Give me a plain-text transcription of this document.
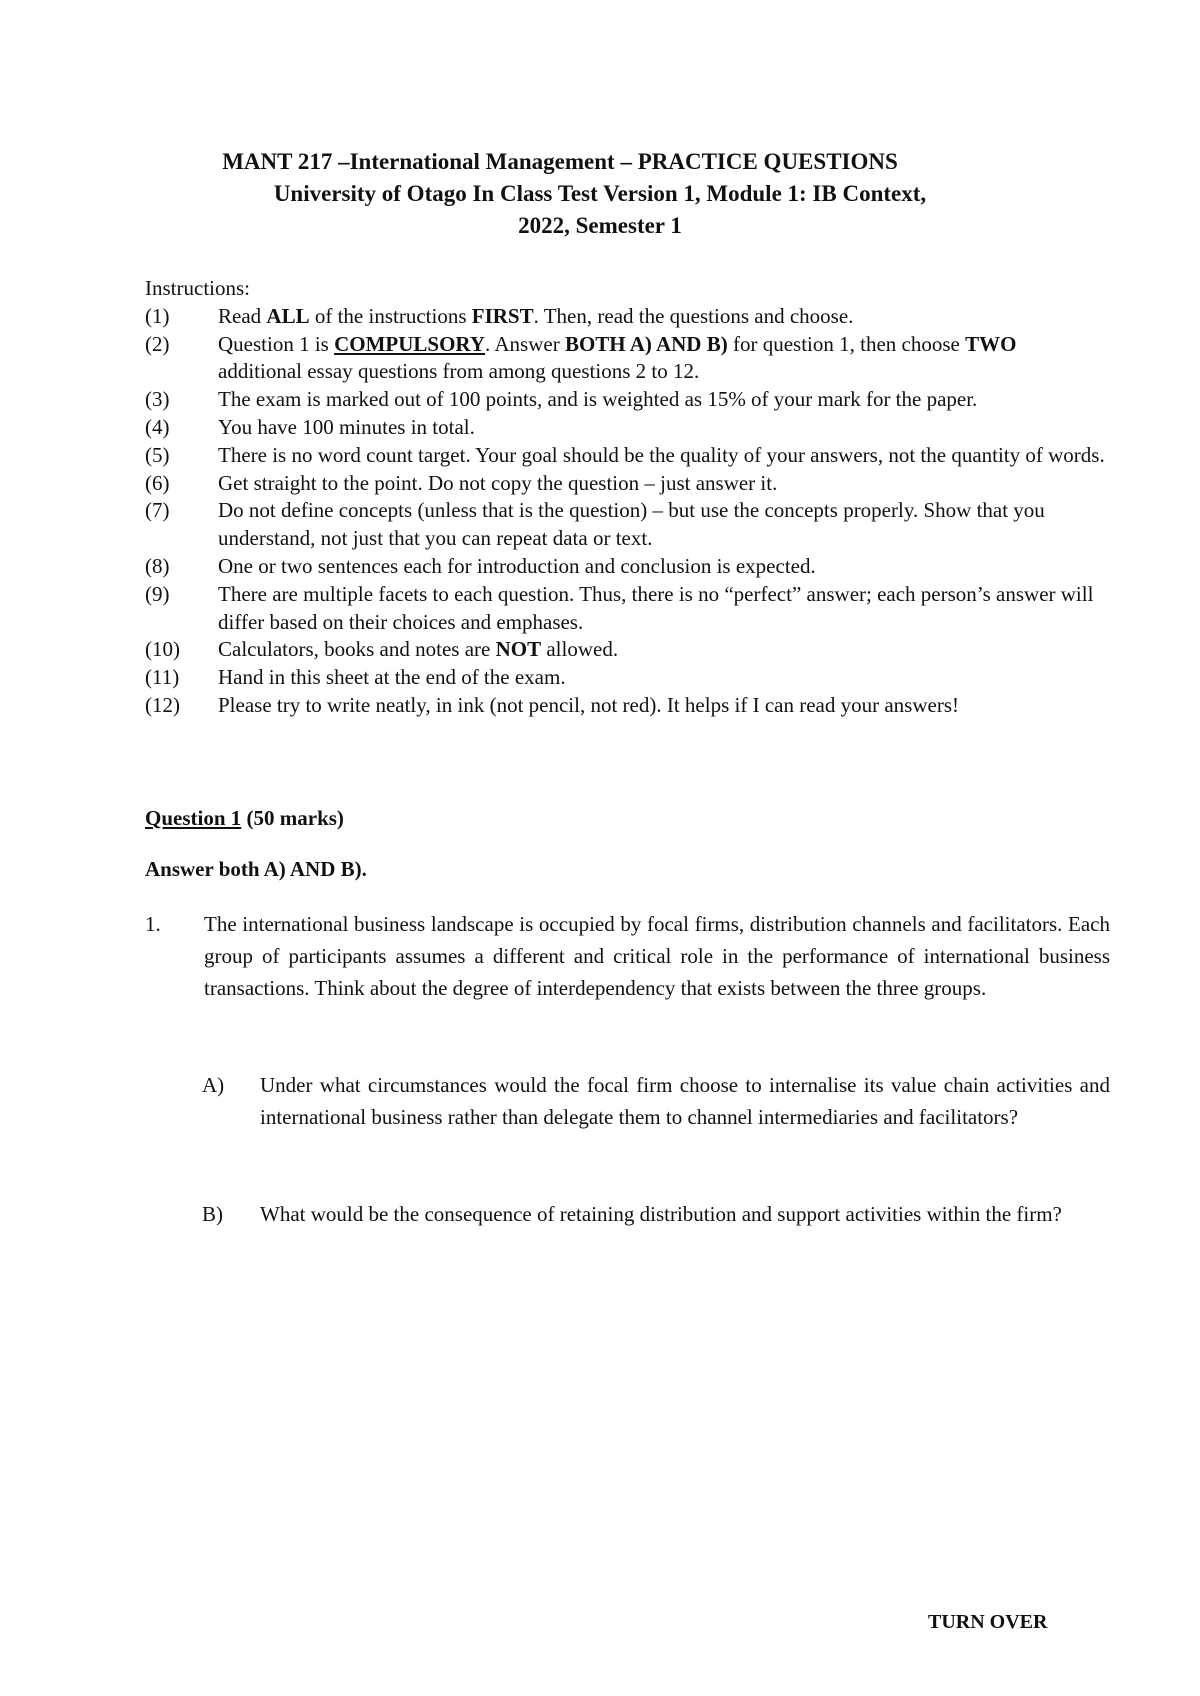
MANT 217 –International Management – PRACTICE QUESTIONS
University of Otago In Class Test Version 1, Module 1: IB Context,
2022, Semester 1
Instructions:
(1)	Read ALL of the instructions FIRST. Then, read the questions and choose.
(2)	Question 1 is COMPULSORY. Answer BOTH A) AND B) for question 1, then choose TWO additional essay questions from among questions 2 to 12.
(3)	The exam is marked out of 100 points, and is weighted as 15% of your mark for the paper.
(4)	You have 100 minutes in total.
(5)	There is no word count target. Your goal should be the quality of your answers, not the quantity of words.
(6)	Get straight to the point. Do not copy the question – just answer it.
(7)	Do not define concepts (unless that is the question) – but use the concepts properly. Show that you understand, not just that you can repeat data or text.
(8)	One or two sentences each for introduction and conclusion is expected.
(9)	There are multiple facets to each question. Thus, there is no “perfect” answer; each person’s answer will differ based on their choices and emphases.
(10)	Calculators, books and notes are NOT allowed.
(11)	Hand in this sheet at the end of the exam.
(12)	Please try to write neatly, in ink (not pencil, not red). It helps if I can read your answers!
Question 1 (50 marks)
Answer both A) AND B).
1.	The international business landscape is occupied by focal firms, distribution channels and facilitators. Each group of participants assumes a different and critical role in the performance of international business transactions. Think about the degree of interdependency that exists between the three groups.
A)	Under what circumstances would the focal firm choose to internalise its value chain activities and international business rather than delegate them to channel intermediaries and facilitators?
B)	What would be the consequence of retaining distribution and support activities within the firm?
TURN OVER
